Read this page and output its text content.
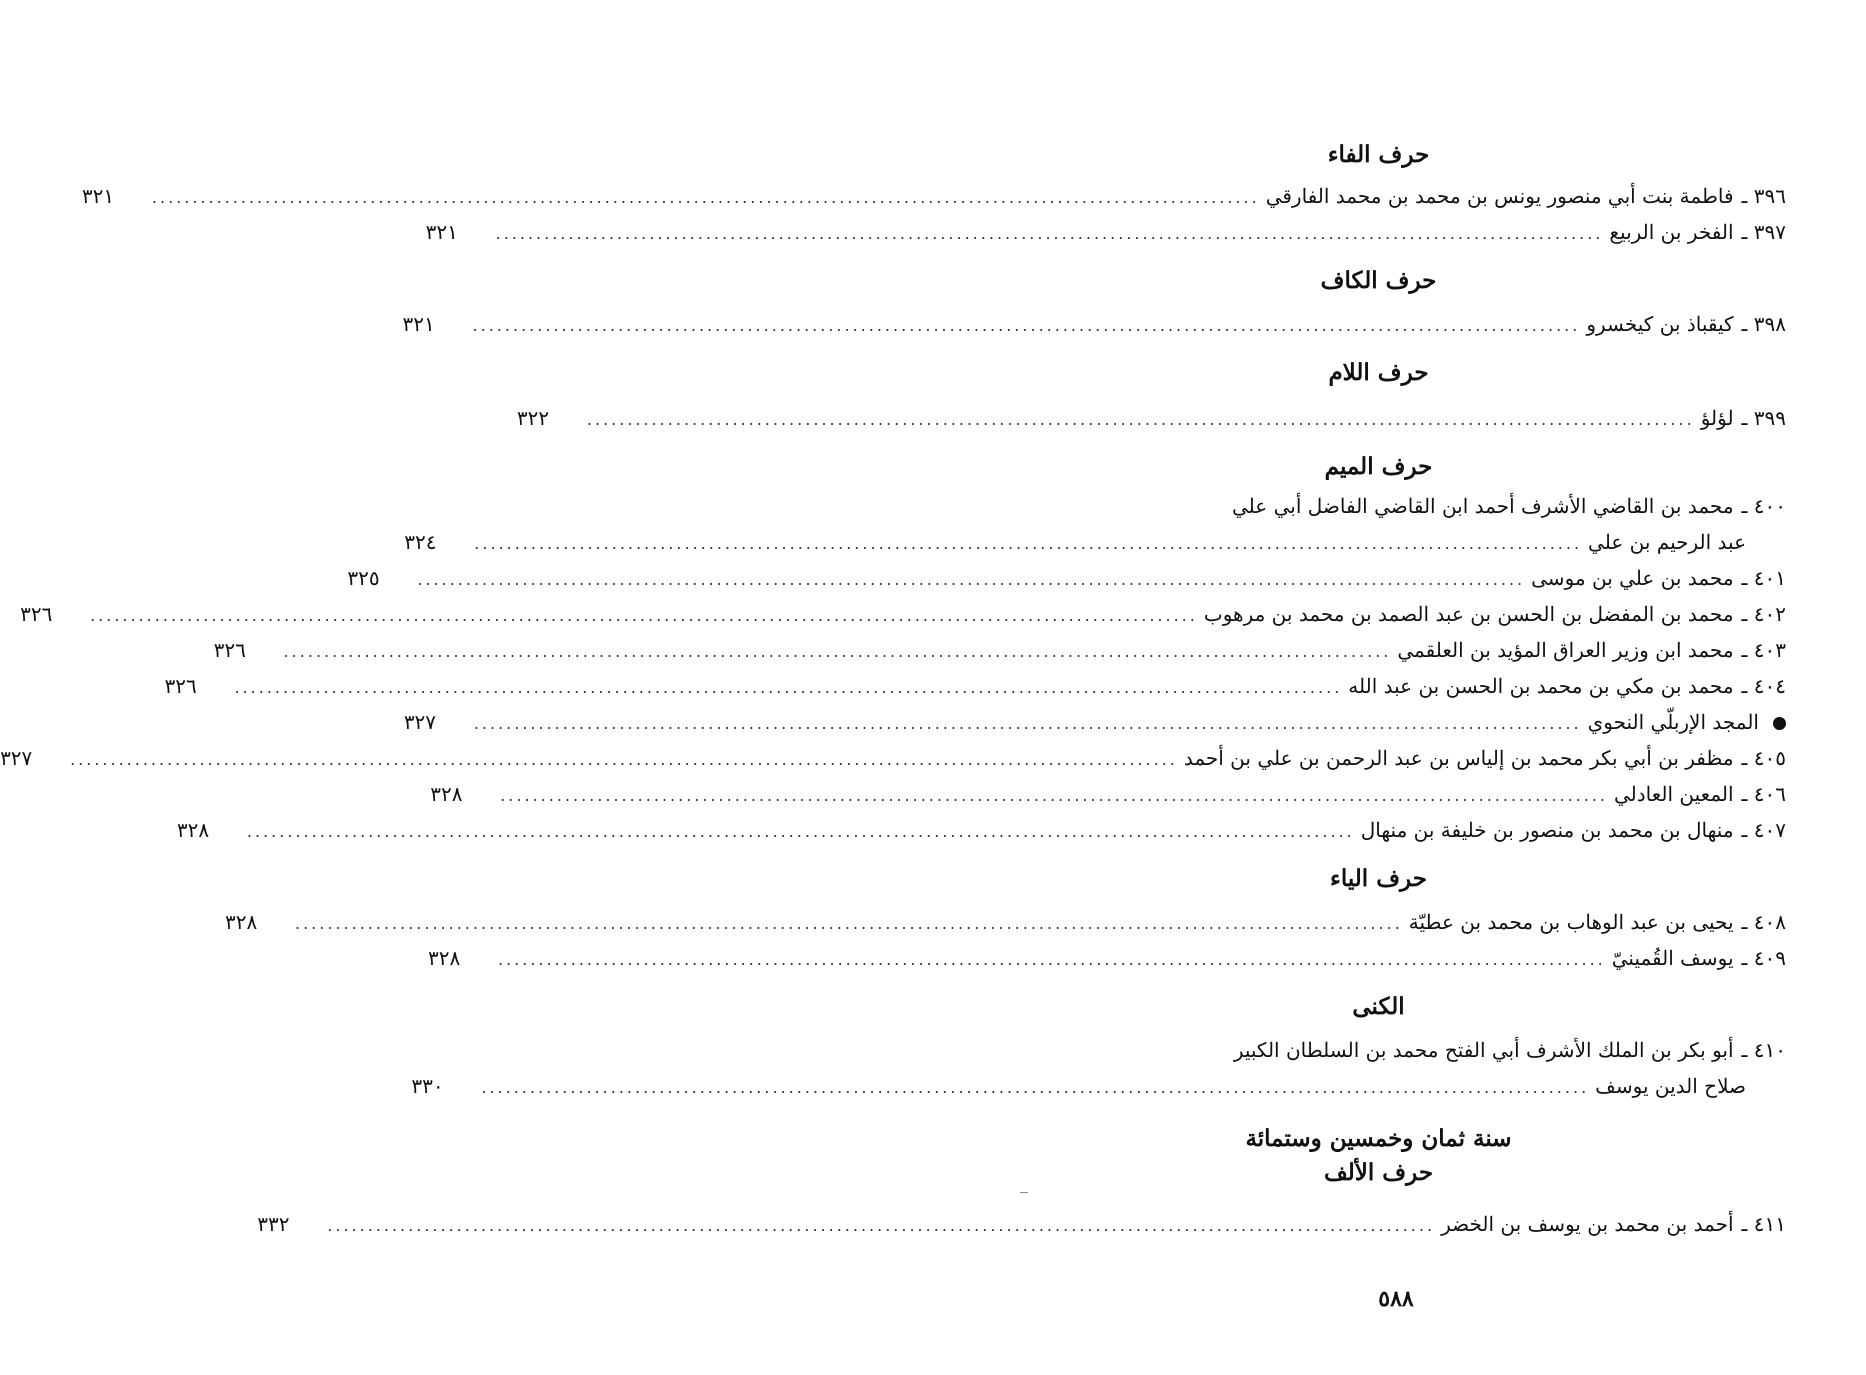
حرف الفاء
٣٩٦ ـ
فاطمة بنت أبي منصور يونس بن محمد بن محمد الفارقي
.........................................................................................................................................
٣٢١
٣٩٧ ـ
الفخر بن الربيع
.........................................................................................................................................
٣٢١
حرف الكاف
٣٩٨ ـ
كيقباذ بن كيخسرو
.........................................................................................................................................
٣٢١
حرف اللام
٣٩٩ ـ
لؤلؤ
.........................................................................................................................................
٣٢٢
حرف الميم
٤٠٠ ـ
محمد بن القاضي الأشرف أحمد ابن القاضي الفاضل أبي علي
عبد الرحيم بن علي
.........................................................................................................................................
٣٢٤
٤٠١ ـ
محمد بن علي بن موسى
.........................................................................................................................................
٣٢٥
٤٠٢ ـ
محمد بن المفضل بن الحسن بن عبد الصمد بن محمد بن مرهوب
.........................................................................................................................................
٣٢٦
٤٠٣ ـ
محمد ابن وزير العراق المؤيد بن العلقمي
.........................................................................................................................................
٣٢٦
٤٠٤ ـ
محمد بن مكي بن محمد بن الحسن بن عبد الله
.........................................................................................................................................
٣٢٦
المجد الإربلّي النحوي
.........................................................................................................................................
٣٢٧
٤٠٥ ـ
مظفر بن أبي بكر محمد بن إلياس بن عبد الرحمن بن علي بن أحمد
.........................................................................................................................................
٣٢٧
٤٠٦ ـ
المعين العادلي
.........................................................................................................................................
٣٢٨
٤٠٧ ـ
منهال بن محمد بن منصور بن خليفة بن منهال
.........................................................................................................................................
٣٢٨
حرف الياء
٤٠٨ ـ
يحيى بن عبد الوهاب بن محمد بن عطيّة
.........................................................................................................................................
٣٢٨
٤٠٩ ـ
يوسف القُمينيّ
.........................................................................................................................................
٣٢٨
الكنى
٤١٠ ـ
أبو بكر بن الملك الأشرف أبي الفتح محمد بن السلطان الكبير
صلاح الدين يوسف
.........................................................................................................................................
٣٣٠
سنة ثمان وخمسين وستمائة
حرف الألف
٤١١ ـ
أحمد بن محمد بن يوسف بن الخضر
.........................................................................................................................................
٣٣٢
٥٨٨
